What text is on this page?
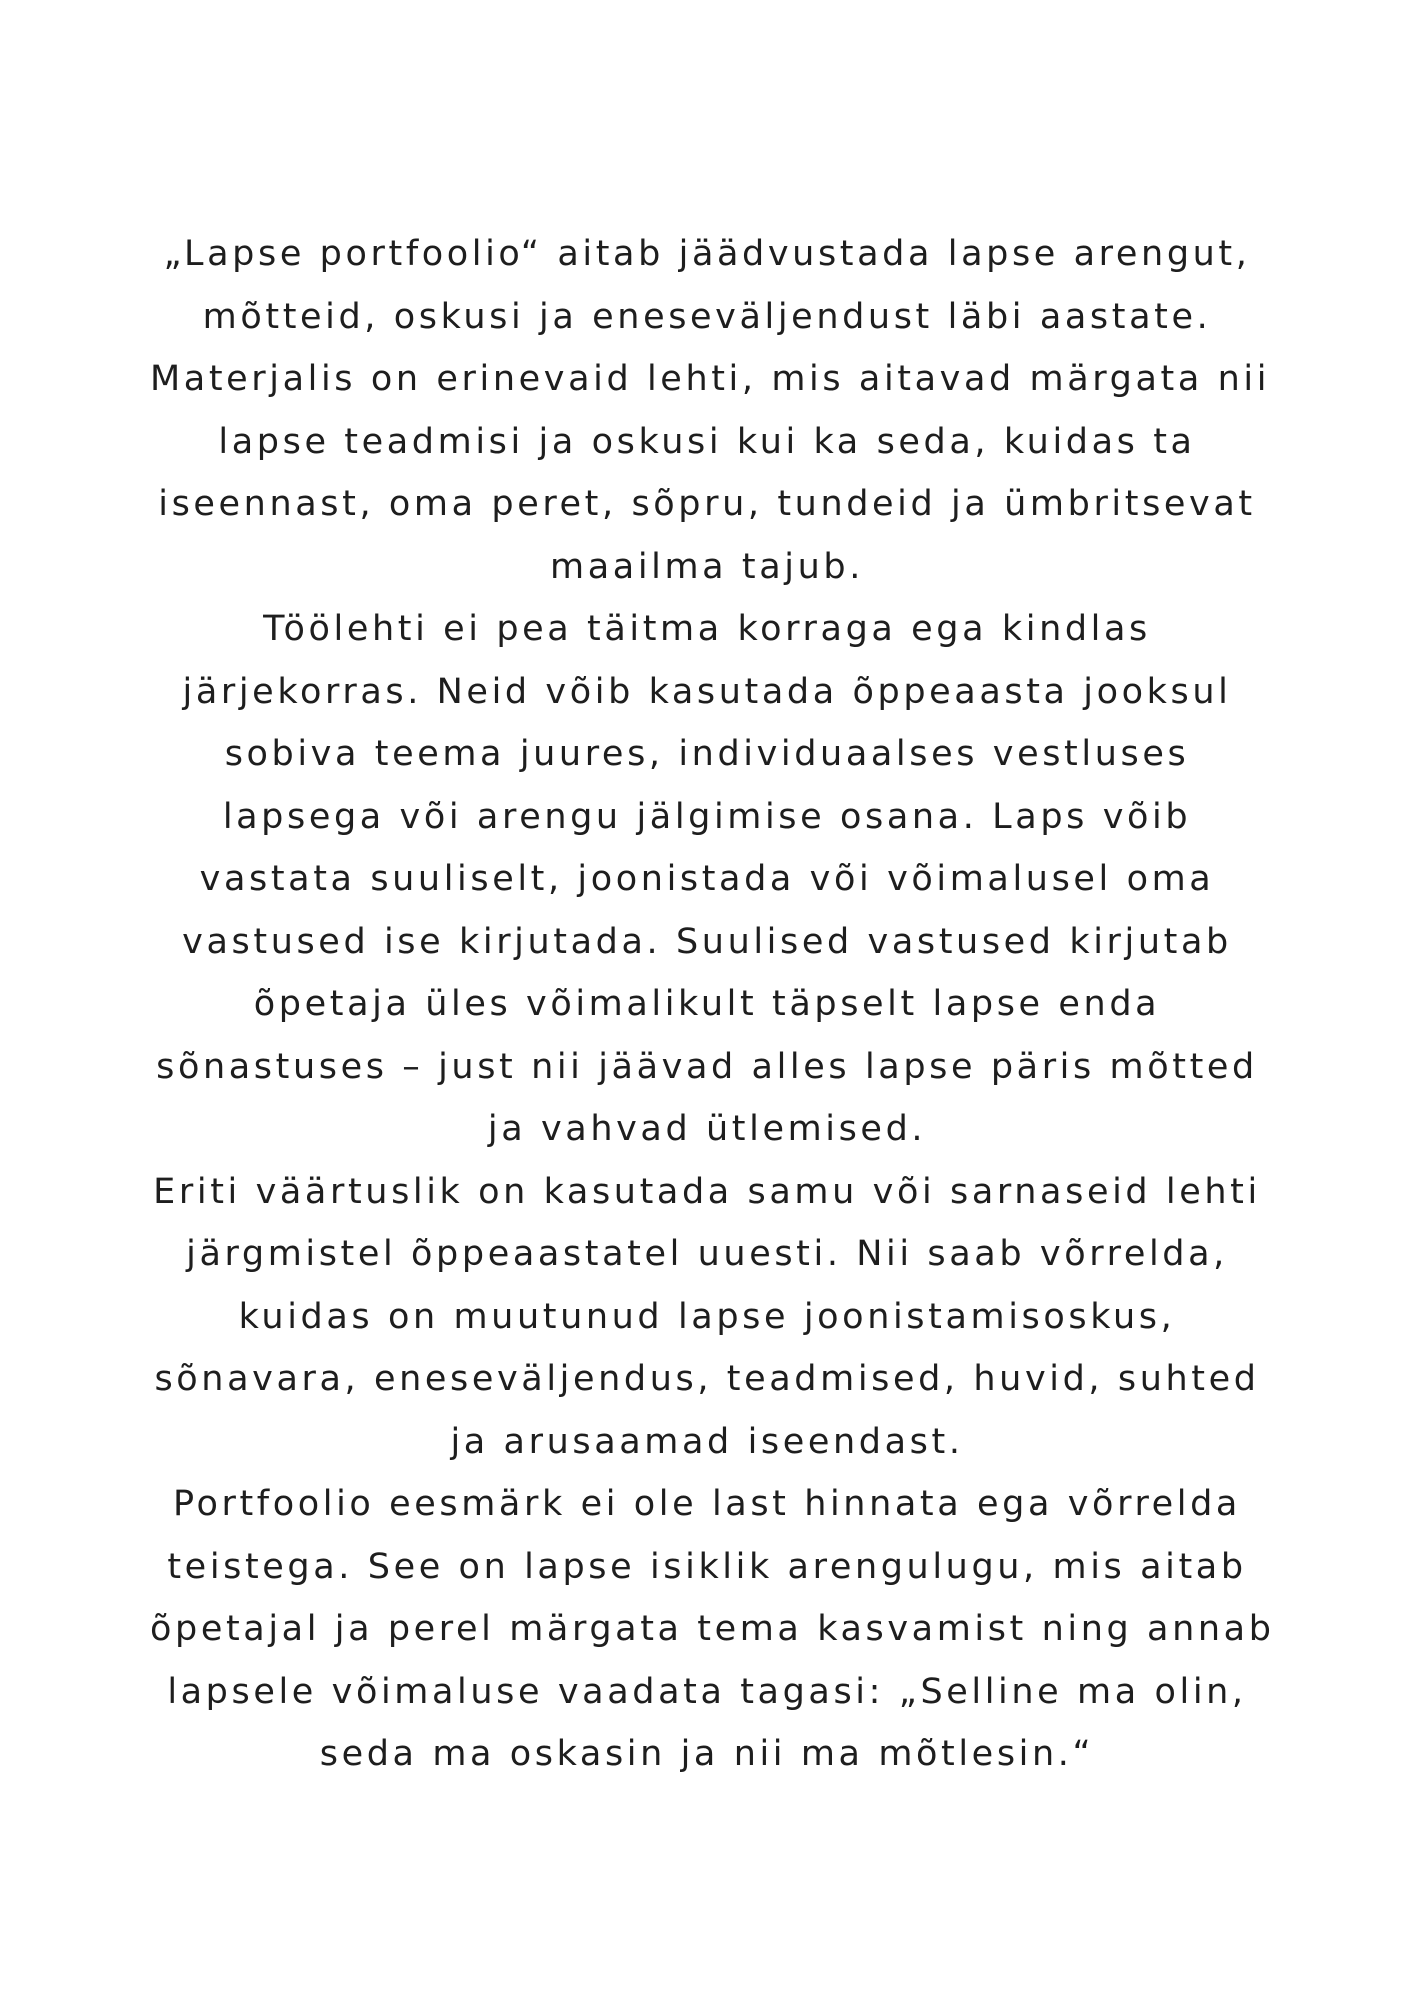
„Lapse portfoolio“ aitab jäädvustada lapse arengut,
mõtteid, oskusi ja eneseväljendust läbi aastate.
Materjalis on erinevaid lehti, mis aitavad märgata nii
lapse teadmisi ja oskusi kui ka seda, kuidas ta
iseennast, oma peret, sõpru, tundeid ja ümbritsevat
maailma tajub.
Töölehti ei pea täitma korraga ega kindlas
järjekorras. Neid võib kasutada õppeaasta jooksul
sobiva teema juures, individuaalses vestluses
lapsega või arengu jälgimise osana. Laps võib
vastata suuliselt, joonistada või võimalusel oma
vastused ise kirjutada. Suulised vastused kirjutab
õpetaja üles võimalikult täpselt lapse enda
sõnastuses – just nii jäävad alles lapse päris mõtted
ja vahvad ütlemised.
Eriti väärtuslik on kasutada samu või sarnaseid lehti
järgmistel õppeaastatel uuesti. Nii saab võrrelda,
kuidas on muutunud lapse joonistamisoskus,
sõnavara, eneseväljendus, teadmised, huvid, suhted
ja arusaamad iseendast.
Portfoolio eesmärk ei ole last hinnata ega võrrelda
teistega. See on lapse isiklik arengulugu, mis aitab
õpetajal ja perel märgata tema kasvamist ning annab
lapsele võimaluse vaadata tagasi: „Selline ma olin,
seda ma oskasin ja nii ma mõtlesin.“
